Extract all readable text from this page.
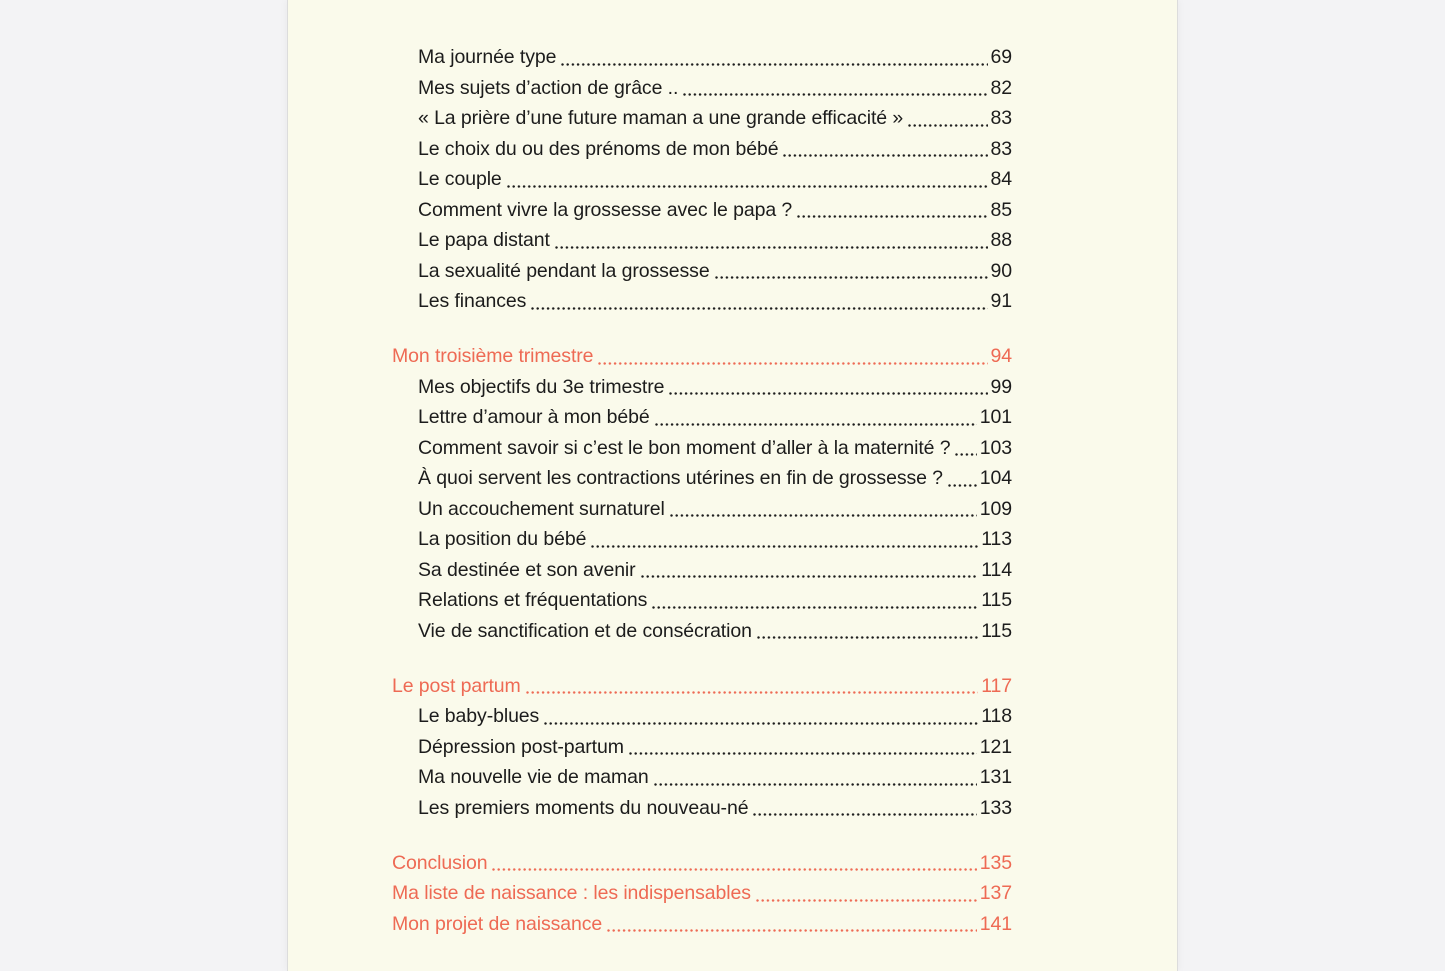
Ma journée type	69
Mes sujets d’action de grâce ..	82
« La prière d’une future maman a une grande efficacité »	83
Le choix du ou des prénoms de mon bébé	83
Le couple	84
Comment vivre la grossesse avec le papa ?	85
Le papa distant	88
La sexualité pendant la grossesse	90
Les finances	91
Mon troisième trimestre	94
Mes objectifs du 3e trimestre	99
Lettre d’amour à mon bébé	101
Comment savoir si c’est le bon moment d’aller à la maternité ? 103
À quoi servent les contractions utérines en fin de grossesse ? 104
Un accouchement surnaturel	109
La position du bébé	113
Sa destinée et son avenir	114
Relations et fréquentations	115
Vie de sanctification et de consécration	115
Le post partum	117
Le baby-blues	118
Dépression post-partum	121
Ma nouvelle vie de maman	131
Les premiers moments du nouveau-né	133
Conclusion	135
Ma liste de naissance : les indispensables	137
Mon projet de naissance	141
